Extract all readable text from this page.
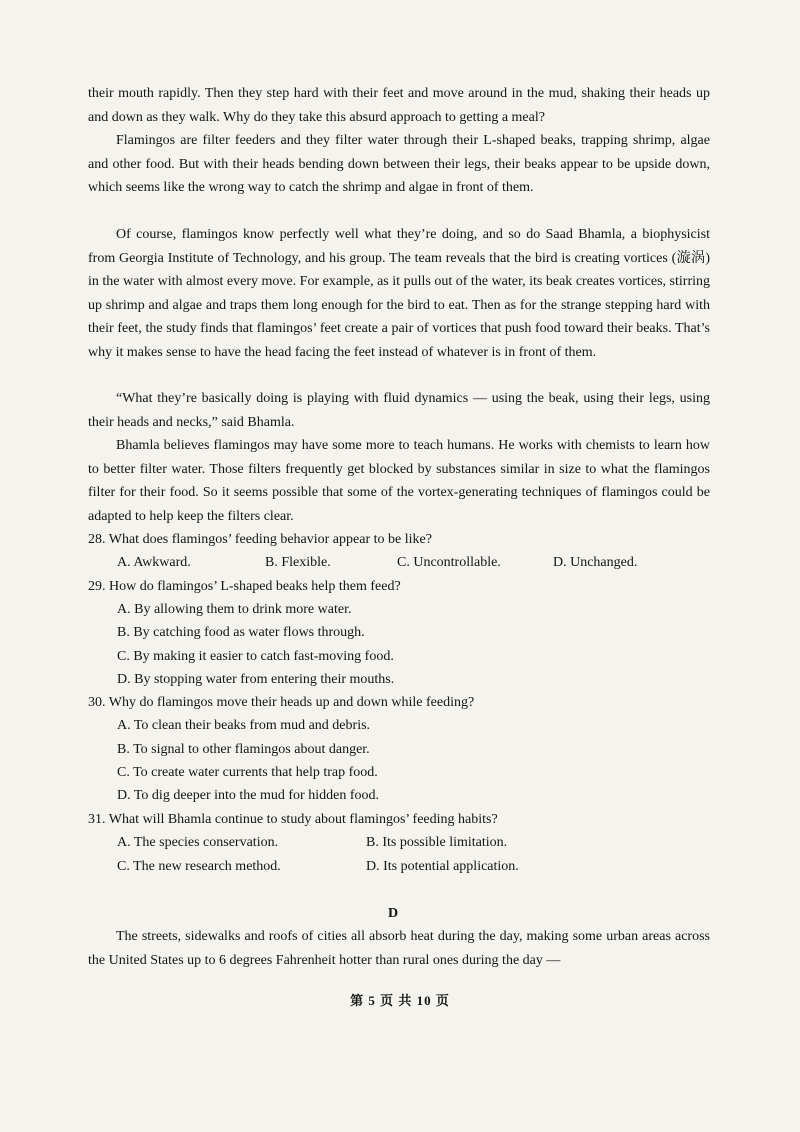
their mouth rapidly. Then they step hard with their feet and move around in the mud, shaking their heads up and down as they walk. Why do they take this absurd approach to getting a meal?

Flamingos are filter feeders and they filter water through their L-shaped beaks, trapping shrimp, algae and other food. But with their heads bending down between their legs, their beaks appear to be upside down, which seems like the wrong way to catch the shrimp and algae in front of them.

Of course, flamingos know perfectly well what they’re doing, and so do Saad Bhamla, a biophysicist from Georgia Institute of Technology, and his group. The team reveals that the bird is creating vortices (漩涡) in the water with almost every move. For example, as it pulls out of the water, its beak creates vortices, stirring up shrimp and algae and traps them long enough for the bird to eat. Then as for the strange stepping hard with their feet, the study finds that flamingos’ feet create a pair of vortices that push food toward their beaks. That’s why it makes sense to have the head facing the feet instead of whatever is in front of them.

“What they’re basically doing is playing with fluid dynamics — using the beak, using their legs, using their heads and necks,” said Bhamla.

Bhamla believes flamingos may have some more to teach humans. He works with chemists to learn how to better filter water. Those filters frequently get blocked by substances similar in size to what the flamingos filter for their food. So it seems possible that some of the vortex-generating techniques of flamingos could be adapted to help keep the filters clear.

28. What does flamingos’ feeding behavior appear to be like?

A. Awkward.	B. Flexible.	C. Uncontrollable.	D. Unchanged.

29. How do flamingos’ L-shaped beaks help them feed?

A. By allowing them to drink more water.

B. By catching food as water flows through.

C. By making it easier to catch fast-moving food.

D. By stopping water from entering their mouths.

30. Why do flamingos move their heads up and down while feeding?

A. To clean their beaks from mud and debris.

B. To signal to other flamingos about danger.

C. To create water currents that help trap food.

D. To dig deeper into the mud for hidden food.

31. What will Bhamla continue to study about flamingos’ feeding habits?

A. The species conservation.	B. Its possible limitation.

C. The new research method.	D. Its potential application.

D

The streets, sidewalks and roofs of cities all absorb heat during the day, making some urban areas across the United States up to 6 degrees Fahrenheit hotter than rural ones during the day —

第 5 页 共 10 页
